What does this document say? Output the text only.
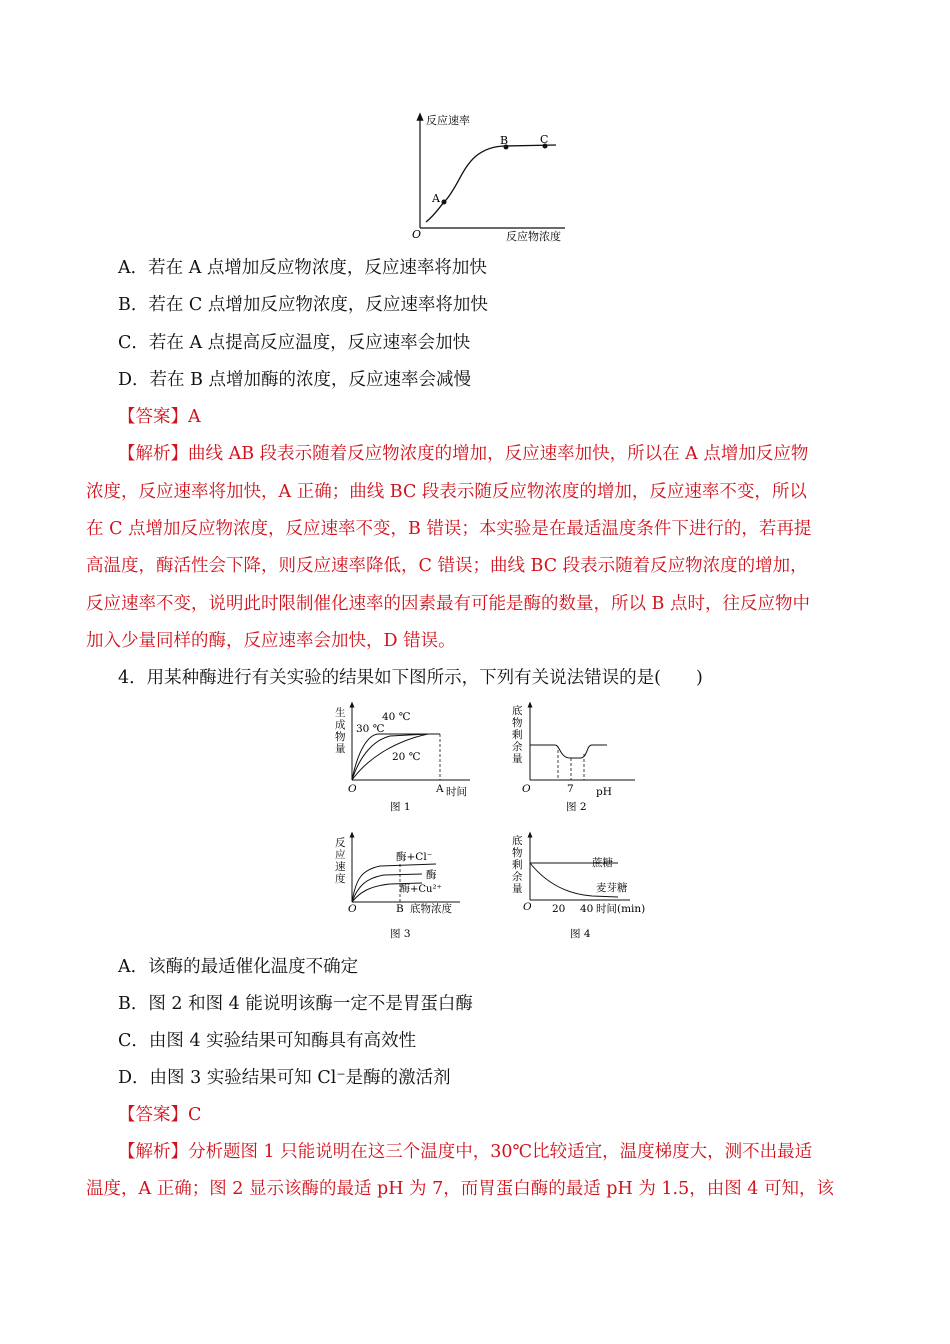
反应速率
反应物浓度
O
A
B	C
A．若在 A 点增加反应物浓度，反应速率将加快
B．若在 C 点增加反应物浓度，反应速率将加快
C．若在 A 点提高反应温度，反应速率会加快
D．若在 B 点增加酶的浓度，反应速率会减慢
【答案】A
【解析】曲线 AB 段表示随着反应物浓度的增加，反应速率加快，所以在 A 点增加反应物
浓度，反应速率将加快，A 正确；曲线 BC 段表示随反应物浓度的增加，反应速率不变，所以
在 C 点增加反应物浓度，反应速率不变，B 错误；本实验是在最适温度条件下进行的，若再提
高温度，酶活性会下降，则反应速率降低，C 错误；曲线 BC 段表示随着反应物浓度的增加，
反应速率不变，说明此时限制催化速率的因素最有可能是酶的数量，所以 B 点时，往反应物中
加入少量同样的酶，反应速率会加快，D 错误。
4．用某种酶进行有关实验的结果如下图所示，下列有关说法错误的是(　　)
生
成
物
量
40 ℃
30 ℃
20 ℃
O	A 时间
图 1
底
物
剩
余
量
O	7 pH
图 2
反
应
速
度
酶+Cl⁻
酶
酶+Cu²⁺
O	B 底物浓度
图 3
底
物
剩
余
量
蔗糖
麦芽糖
O 20 40 时间(min)
图 4
A．该酶的最适催化温度不确定
B．图 2 和图 4 能说明该酶一定不是胃蛋白酶
C．由图 4 实验结果可知酶具有高效性
D．由图 3 实验结果可知 Cl⁻是酶的激活剂
【答案】C
【解析】分析题图 1 只能说明在这三个温度中，30℃比较适宜，温度梯度大，测不出最适
温度，A 正确；图 2 显示该酶的最适 pH 为 7，而胃蛋白酶的最适 pH 为 1.5，由图 4 可知，该
